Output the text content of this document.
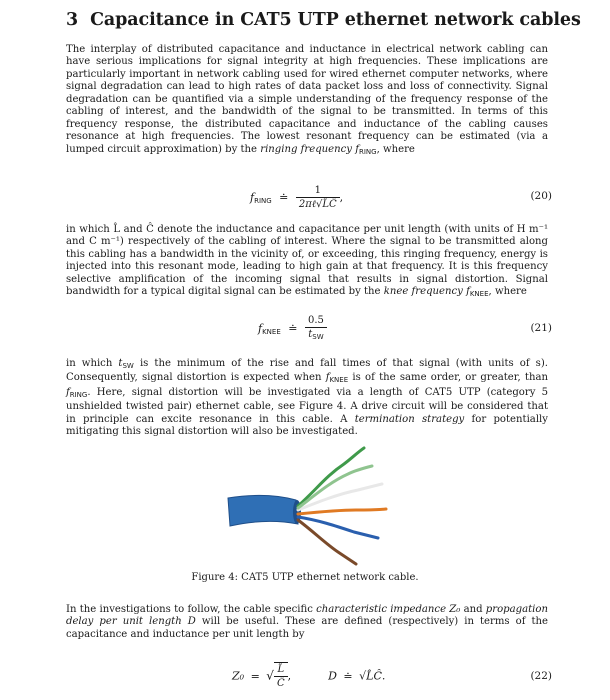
3 Capacitance in CAT5 UTP ethernet network cables

The interplay of distributed capacitance and inductance in electrical network cabling can have serious implications for signal integrity at high frequencies. These implications are particularly important in network cabling used for wired ethernet computer networks, where signal degradation can lead to high rates of data packet loss and loss of connectivity. Signal degradation can be quantified via a simple understanding of the frequency response of the cabling of interest, and the bandwidth of the signal to be transmitted. In terms of this frequency response, the distributed capacitance and inductance of the cabling causes resonance at high frequencies. The lowest resonant frequency can be estimated (via a lumped circuit approximation) by the ringing frequency fRING, where

fRING ≐ $\frac{1}{\text{2πℓ√L̂Ĉ}}$ ,	(20)

in which L̂ and Ĉ denote the inductance and capacitance per unit length (with units of H m⁻¹ and C m⁻¹) respectively of the cabling of interest. Where the signal to be transmitted along this cabling has a bandwidth in the vicinity of, or exceeding, this ringing frequency, energy is injected into this resonant mode, leading to high gain at that frequency. It is this frequency selective amplification of the incoming signal that results in signal distortion. Signal bandwidth for a typical digital signal can be estimated by the knee frequency fKNEE, where

fKNEE ≐ $\frac{0.5}{t_{SW}}$	(21)

in which tSW is the minimum of the rise and fall times of that signal (with units of s). Consequently, signal distortion is expected when fKNEE is of the same order, or greater, than fRING. Here, signal distortion will be investigated via a length of CAT5 UTP (category 5 unshielded twisted pair) ethernet cable, see Figure 4. A drive circuit will be considered that in principle can excite resonance in this cable. A termination strategy for potentially mitigating this signal distortion will also be investigated.

Figure 4: CAT5 UTP ethernet network cable.

In the investigations to follow, the cable specific characteristic impedance Z₀ and propagation delay per unit length D will be useful. These are defined (respectively) in terms of the capacitance and inductance per unit length by

Z₀ = √ $\frac{L̂}{Ĉ}$ ,	D ≐ √L̂Ĉ.	(22)
